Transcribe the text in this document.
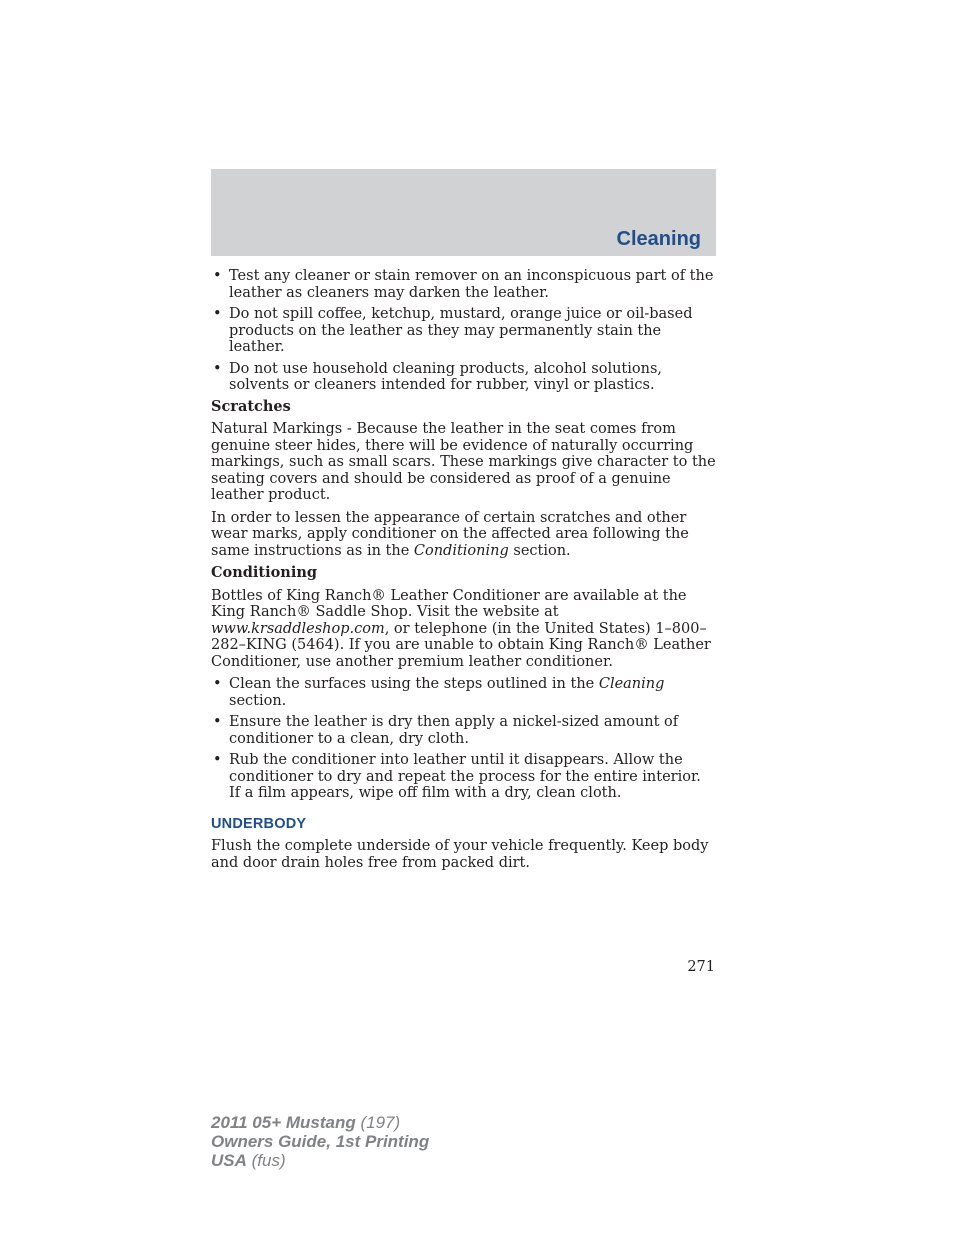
Cleaning
• Test any cleaner or stain remover on an inconspicuous part of the leather as cleaners may darken the leather.
• Do not spill coffee, ketchup, mustard, orange juice or oil-based products on the leather as they may permanently stain the leather.
• Do not use household cleaning products, alcohol solutions, solvents or cleaners intended for rubber, vinyl or plastics.
Scratches

Natural Markings - Because the leather in the seat comes from genuine steer hides, there will be evidence of naturally occurring markings, such as small scars. These markings give character to the seating covers and should be considered as proof of a genuine leather product.

In order to lessen the appearance of certain scratches and other wear marks, apply conditioner on the affected area following the same instructions as in the Conditioning section.

Conditioning

Bottles of King Ranch® Leather Conditioner are available at the King Ranch® Saddle Shop. Visit the website at www.krsaddleshop.com, or telephone (in the United States) 1–800–282–KING (5464). If you are unable to obtain King Ranch® Leather Conditioner, use another premium leather conditioner.

• Clean the surfaces using the steps outlined in the Cleaning section.
• Ensure the leather is dry then apply a nickel-sized amount of conditioner to a clean, dry cloth.
• Rub the conditioner into leather until it disappears. Allow the conditioner to dry and repeat the process for the entire interior. If a film appears, wipe off film with a dry, clean cloth.
UNDERBODY

Flush the complete underside of your vehicle frequently. Keep body and door drain holes free from packed dirt.

271
2011 05+ Mustang (197)
Owners Guide, 1st Printing
USA (fus)
